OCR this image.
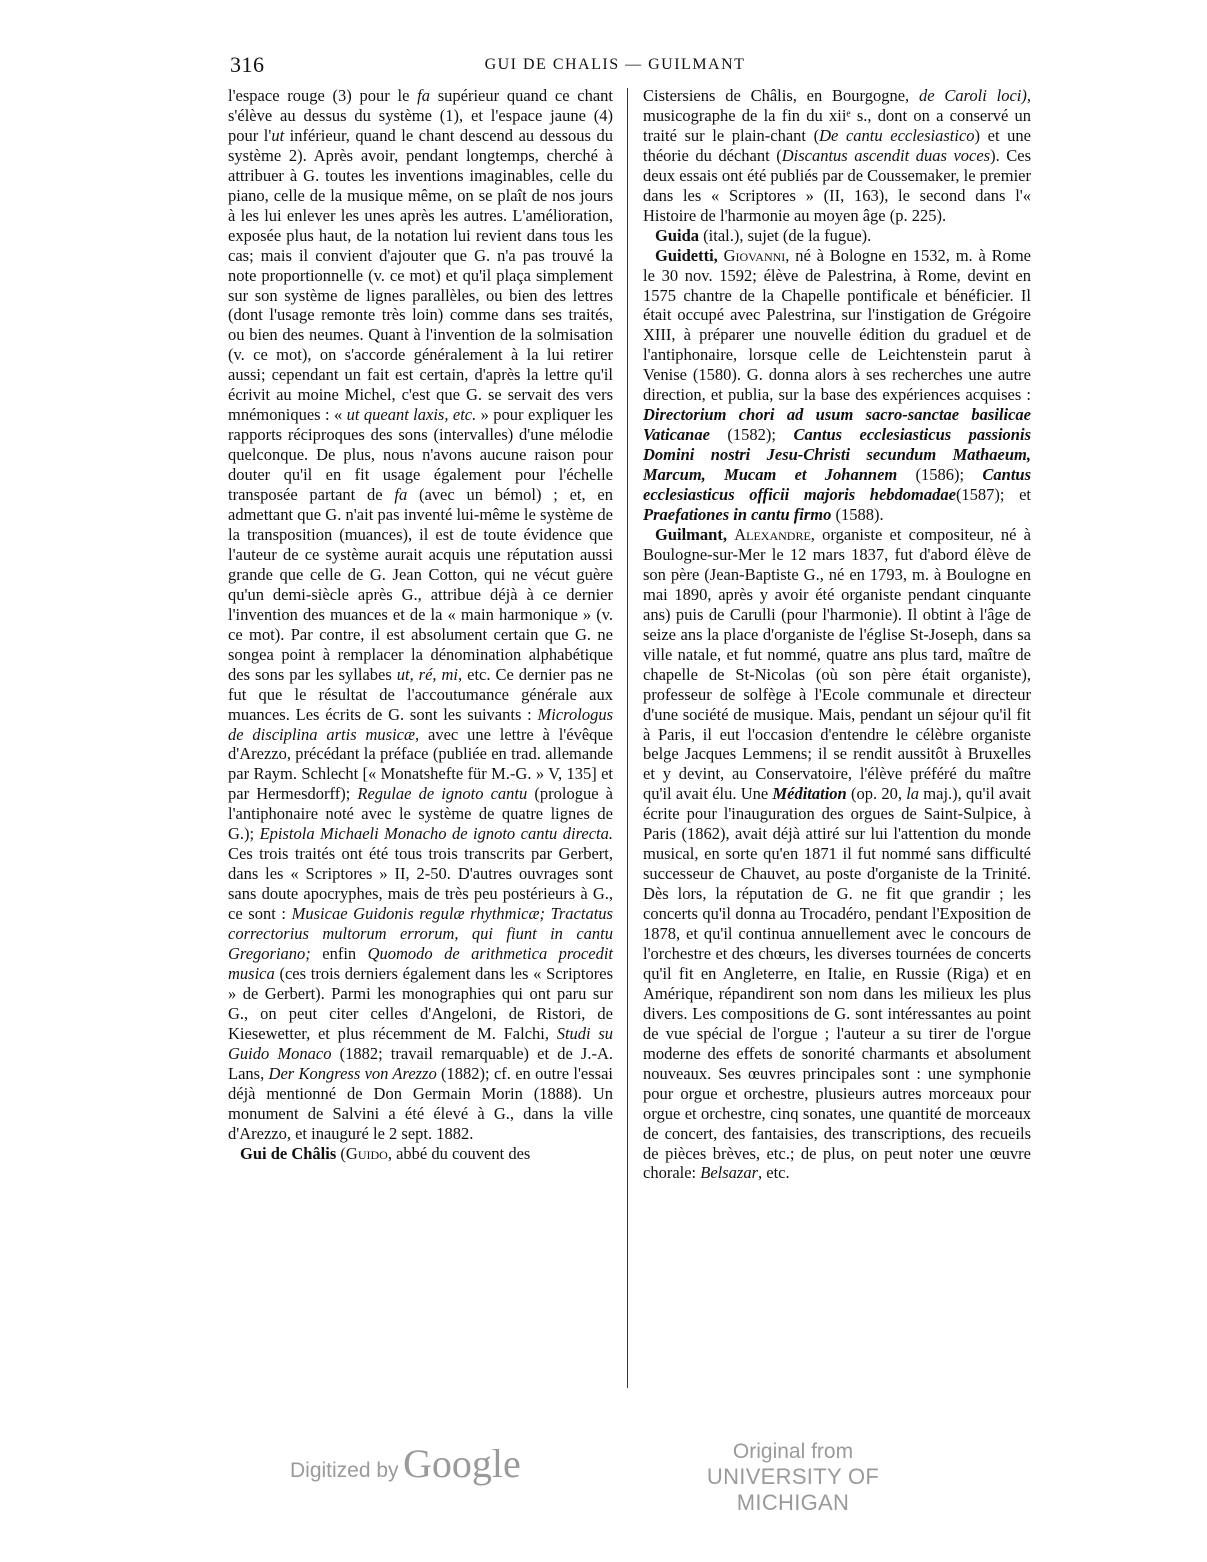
316	GUI DE CHALIS — GUILMANT

l'espace rouge (3) pour le fa supérieur quand ce chant s'élève au dessus du système (1), et l'espace jaune (4) pour l'ut inférieur, quand le chant descend au dessous du système 2). Après avoir, pendant longtemps, cherché à attribuer à G. toutes les inventions imaginables, celle du piano, celle de la musique même, on se plaît de nos jours à les lui enlever les unes après les autres. L'amélioration, exposée plus haut, de la notation lui revient dans tous les cas; mais il convient d'ajouter que G. n'a pas trouvé la note proportionnelle (v. ce mot) et qu'il plaça simplement sur son système de lignes parallèles, ou bien des lettres (dont l'usage remonte très loin) comme dans ses traités, ou bien des neumes. Quant à l'invention de la solmisation (v. ce mot), on s'accorde généralement à la lui retirer aussi; cependant un fait est certain, d'après la lettre qu'il écrivit au moine Michel, c'est que G. se servait des vers mnémoniques : « ut queant laxis, etc. » pour expliquer les rapports réciproques des sons (intervalles) d'une mélodie quelconque. De plus, nous n'avons aucune raison pour douter qu'il en fit usage également pour l'échelle transposée partant de fa (avec un bémol) ; et, en admettant que G. n'ait pas inventé lui-même le système de la transposition (muances), il est de toute évidence que l'auteur de ce système aurait acquis une réputation aussi grande que celle de G. Jean Cotton, qui ne vécut guère qu'un demi-siècle après G., attribue déjà à ce dernier l'invention des muances et de la « main harmonique » (v. ce mot). Par contre, il est absolument certain que G. ne songea point à remplacer la dénomination alphabétique des sons par les syllabes ut, ré, mi, etc. Ce dernier pas ne fut que le résultat de l'accoutumance générale aux muances. Les écrits de G. sont les suivants : Micrologus de disciplina artis musicæ, avec une lettre à l'évêque d'Arezzo, précédant la préface (publiée en trad. allemande par Raym. Schlecht [« Monatshefte für M.-G. » V, 135] et par Hermesdorff); Regulae de ignoto cantu (prologue à l'antiphonaire noté avec le système de quatre lignes de G.); Epistola Michaeli Monacho de ignoto cantu directa. Ces trois traités ont été tous trois transcrits par Gerbert, dans les « Scriptores » II, 2-50. D'autres ouvrages sont sans doute apocryphes, mais de très peu postérieurs à G., ce sont : Musicae Guidonis regulæ rhythmicæ; Tractatus correctorius multorum errorum, qui fiunt in cantu Gregoriano; enfin Quomodo de arithmetica procedit musica (ces trois derniers également dans les « Scriptores » de Gerbert). Parmi les monographies qui ont paru sur G., on peut citer celles d'Angeloni, de Ristori, de Kiesewetter, et plus récemment de M. Falchi, Studi su Guido Monaco (1882; travail remarquable) et de J.-A. Lans, Der Kongress von Arezzo (1882); cf. en outre l'essai déjà mentionné de Don Germain Morin (1888). Un monument de Salvini a été élevé à G., dans la ville d'Arezzo, et inauguré le 2 sept. 1882.

Gui de Châlis (Guido, abbé du couvent des

Cistersiens de Châlis, en Bourgogne, de Caroli loci), musicographe de la fin du xiiᵉ s., dont on a conservé un traité sur le plain-chant (De cantu ecclesiastico) et une théorie du déchant (Discantus ascendit duas voces). Ces deux essais ont été publiés par de Coussemaker, le premier dans les « Scriptores » (II, 163), le second dans l'« Histoire de l'harmonie au moyen âge (p. 225).

Guida (ital.), sujet (de la fugue).

Guidetti, Giovanni, né à Bologne en 1532, m. à Rome le 30 nov. 1592; élève de Palestrina, à Rome, devint en 1575 chantre de la Chapelle pontificale et bénéficier. Il était occupé avec Palestrina, sur l'instigation de Grégoire XIII, à préparer une nouvelle édition du graduel et de l'antiphonaire, lorsque celle de Leichtenstein parut à Venise (1580). G. donna alors à ses recherches une autre direction, et publia, sur la base des expériences acquises : Directorium chori ad usum sacro-sanctae basilicae Vaticanae (1582); Cantus ecclesiasticus passionis Domini nostri Jesu-Christi secundum Mathaeum, Marcum, Mucam et Johannem (1586); Cantus ecclesiasticus officii majoris hebdomadae(1587); et Praefationes in cantu firmo (1588).

Guilmant, Alexandre, organiste et compositeur, né à Boulogne-sur-Mer le 12 mars 1837, fut d'abord élève de son père (Jean-Baptiste G., né en 1793, m. à Boulogne en mai 1890, après y avoir été organiste pendant cinquante ans) puis de Carulli (pour l'harmonie). Il obtint à l'âge de seize ans la place d'organiste de l'église St-Joseph, dans sa ville natale, et fut nommé, quatre ans plus tard, maître de chapelle de St-Nicolas (où son père était organiste), professeur de solfège à l'Ecole communale et directeur d'une société de musique. Mais, pendant un séjour qu'il fit à Paris, il eut l'occasion d'entendre le célèbre organiste belge Jacques Lemmens; il se rendit aussitôt à Bruxelles et y devint, au Conservatoire, l'élève préféré du maître qu'il avait élu. Une Méditation (op. 20, la maj.), qu'il avait écrite pour l'inauguration des orgues de Saint-Sulpice, à Paris (1862), avait déjà attiré sur lui l'attention du monde musical, en sorte qu'en 1871 il fut nommé sans difficulté successeur de Chauvet, au poste d'organiste de la Trinité. Dès lors, la réputation de G. ne fit que grandir ; les concerts qu'il donna au Trocadéro, pendant l'Exposition de 1878, et qu'il continua annuellement avec le concours de l'orchestre et des chœurs, les diverses tournées de concerts qu'il fit en Angleterre, en Italie, en Russie (Riga) et en Amérique, répandirent son nom dans les milieux les plus divers. Les compositions de G. sont intéressantes au point de vue spécial de l'orgue ; l'auteur a su tirer de l'orgue moderne des effets de sonorité charmants et absolument nouveaux. Ses œuvres principales sont : une symphonie pour orgue et orchestre, plusieurs autres morceaux pour orgue et orchestre, cinq sonates, une quantité de morceaux de concert, des fantaisies, des transcriptions, des recueils de pièces brèves, etc.; de plus, on peut noter une œuvre chorale: Belsazar, etc.

Digitized by Google	Original from
UNIVERSITY OF MICHIGAN
